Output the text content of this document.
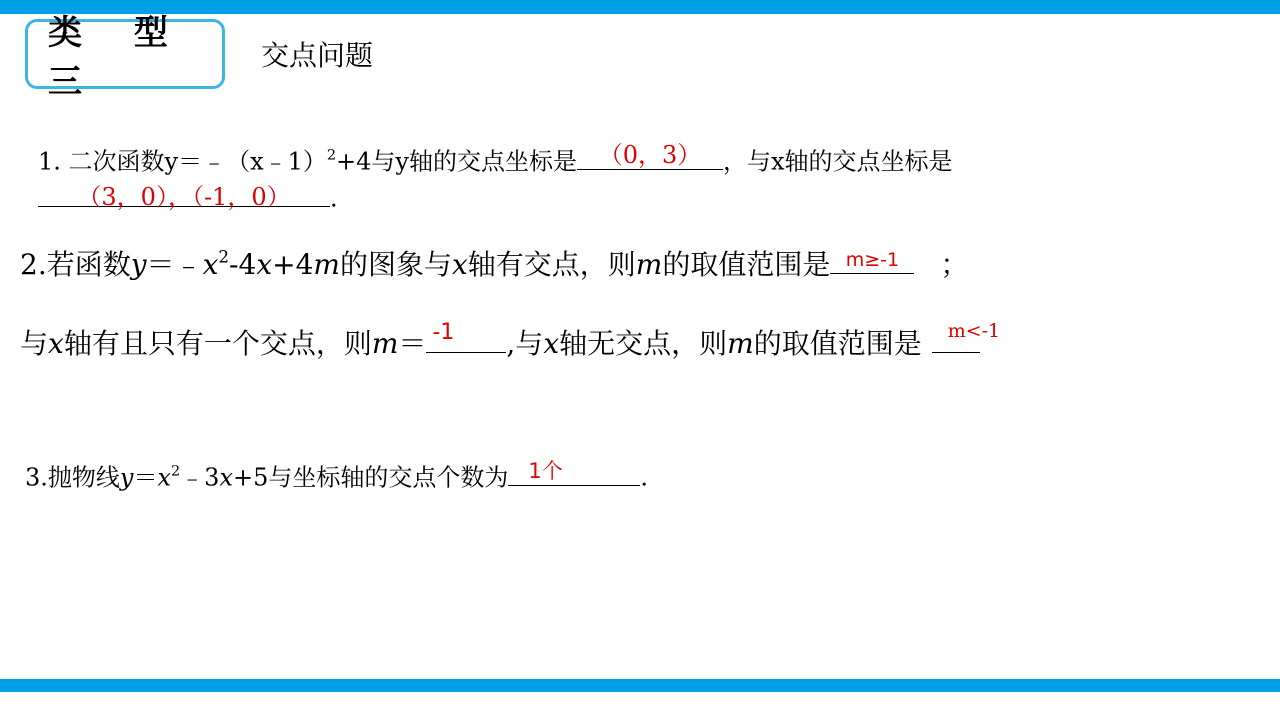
类 型 三
交点问题
1. 二次函数y＝﹣（x﹣1）$^2$+4与y轴的交点坐标是 （0，3） ，与x轴的交点坐标是
（3，0），（-1，0）	.
2.若函数$y=﹣x^2-4x+4m$的图象与x轴有交点，则m的取值范围是 m≥-1	；
与x轴有且只有一个交点，则m＝ -1	,与x轴无交点，则m的取值范围是 m<-1
3.抛物线$y=x^2﹣3x+5$与坐标轴的交点个数为 1个	.
